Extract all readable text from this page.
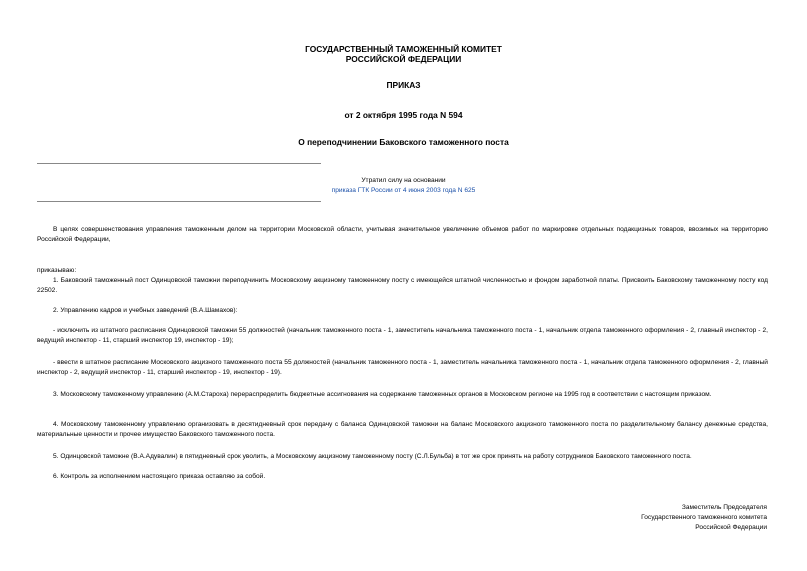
ГОСУДАРСТВЕННЫЙ ТАМОЖЕННЫЙ КОМИТЕТ
РОССИЙСКОЙ ФЕДЕРАЦИИ
ПРИКАЗ
от 2 октября 1995 года N 594
О переподчинении Баковского таможенного поста
Утратил силу на основании
приказа ГТК России от 4 июня 2003 года N 625

В целях совершенствования управления таможенным делом на территории Московской области, учитывая значительное увеличение объемов работ по маркировке отдельных подакцизных товаров, ввозимых на территорию Российской Федерации,

приказываю:

1. Баковский таможенный пост Одинцовской таможни переподчинить Московскому акцизному таможенному посту с имеющейся штатной численностью и фондом заработной платы. Присвоить Баковскому таможенному посту код 22502.

2. Управлению кадров и учебных заведений (В.А.Шамахов):

- исключить из штатного расписания Одинцовской таможни 55 должностей (начальник таможенного поста - 1, заместитель начальника таможенного поста - 1, начальник отдела таможенного оформления - 2, главный инспектор - 2, ведущий инспектор - 11, старший инспектор 19, инспектор - 19);

- ввести в штатное расписание Московского акцизного таможенного поста 55 должностей (начальник таможенного поста - 1, заместитель начальника таможенного поста - 1, начальник отдела таможенного оформления - 2, главный инспектор - 2, ведущий инспектор - 11, старший инспектор - 19, инспектор - 19).

3. Московскому таможенному управлению (А.М.Староха) перераспределить бюджетные ассигнования на содержание таможенных органов в Московском регионе на 1995 год в соответствии с настоящим приказом.

4. Московскому таможенному управлению организовать в десятидневный срок передачу с баланса Одинцовской таможни на баланс Московского акцизного таможенного поста по разделительному балансу денежные средства, материальные ценности и прочее имущество Баковского таможенного поста.

5. Одинцовской таможне (В.А.Адувалин) в пятидневный срок уволить, а Московскому акцизному таможенному посту (С.Л.Бульба) в тот же срок принять на работу сотрудников Баковского таможенного поста.

6. Контроль за исполнением настоящего приказа оставляю за собой.

Заместитель Председателя
Государственного таможенного комитета
Российской Федерации
